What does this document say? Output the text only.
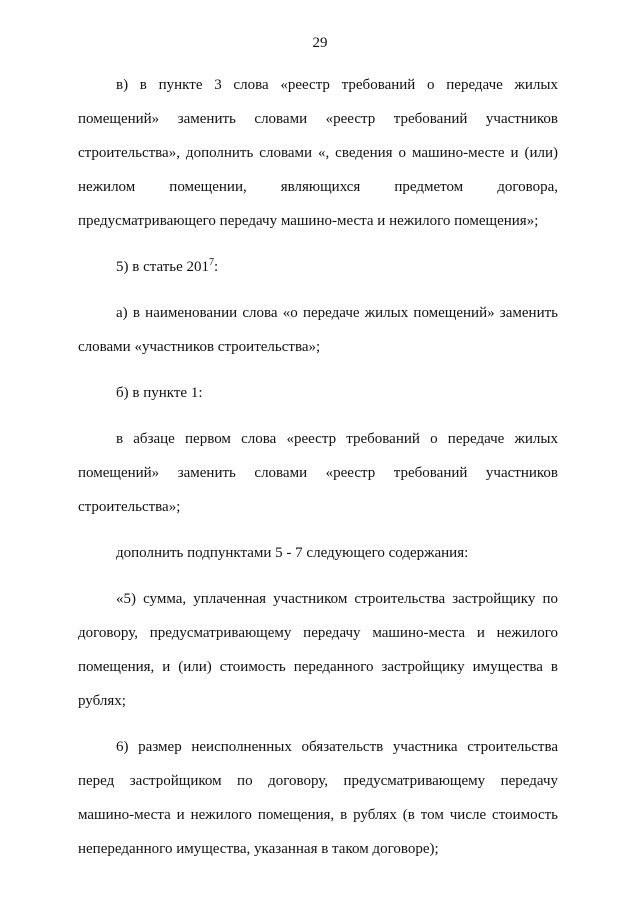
29

в) в пункте 3 слова «реестр требований о передаче жилых
помещений» заменить словами «реестр требований участников
строительства», дополнить словами «, сведения о машино-месте и (или)
нежилом помещении, являющихся предметом договора,
предусматривающего передачу машино-места и нежилого помещения»;

5) в статье $201^7$:

а) в наименовании слова «о передаче жилых помещений» заменить
словами «участников строительства»;

б) в пункте 1:

в абзаце первом слова «реестр требований о передаче жилых
помещений» заменить словами «реестр требований участников
строительства»;

дополнить подпунктами 5 - 7 следующего содержания:

«5) сумма, уплаченная участником строительства застройщику по
договору, предусматривающему передачу машино-места и нежилого
помещения, и (или) стоимость переданного застройщику имущества в
рублях;

6) размер неисполненных обязательств участника строительства
перед застройщиком по договору, предусматривающему передачу
машино-места и нежилого помещения, в рублях (в том числе стоимость
непереданного имущества, указанная в таком договоре);
